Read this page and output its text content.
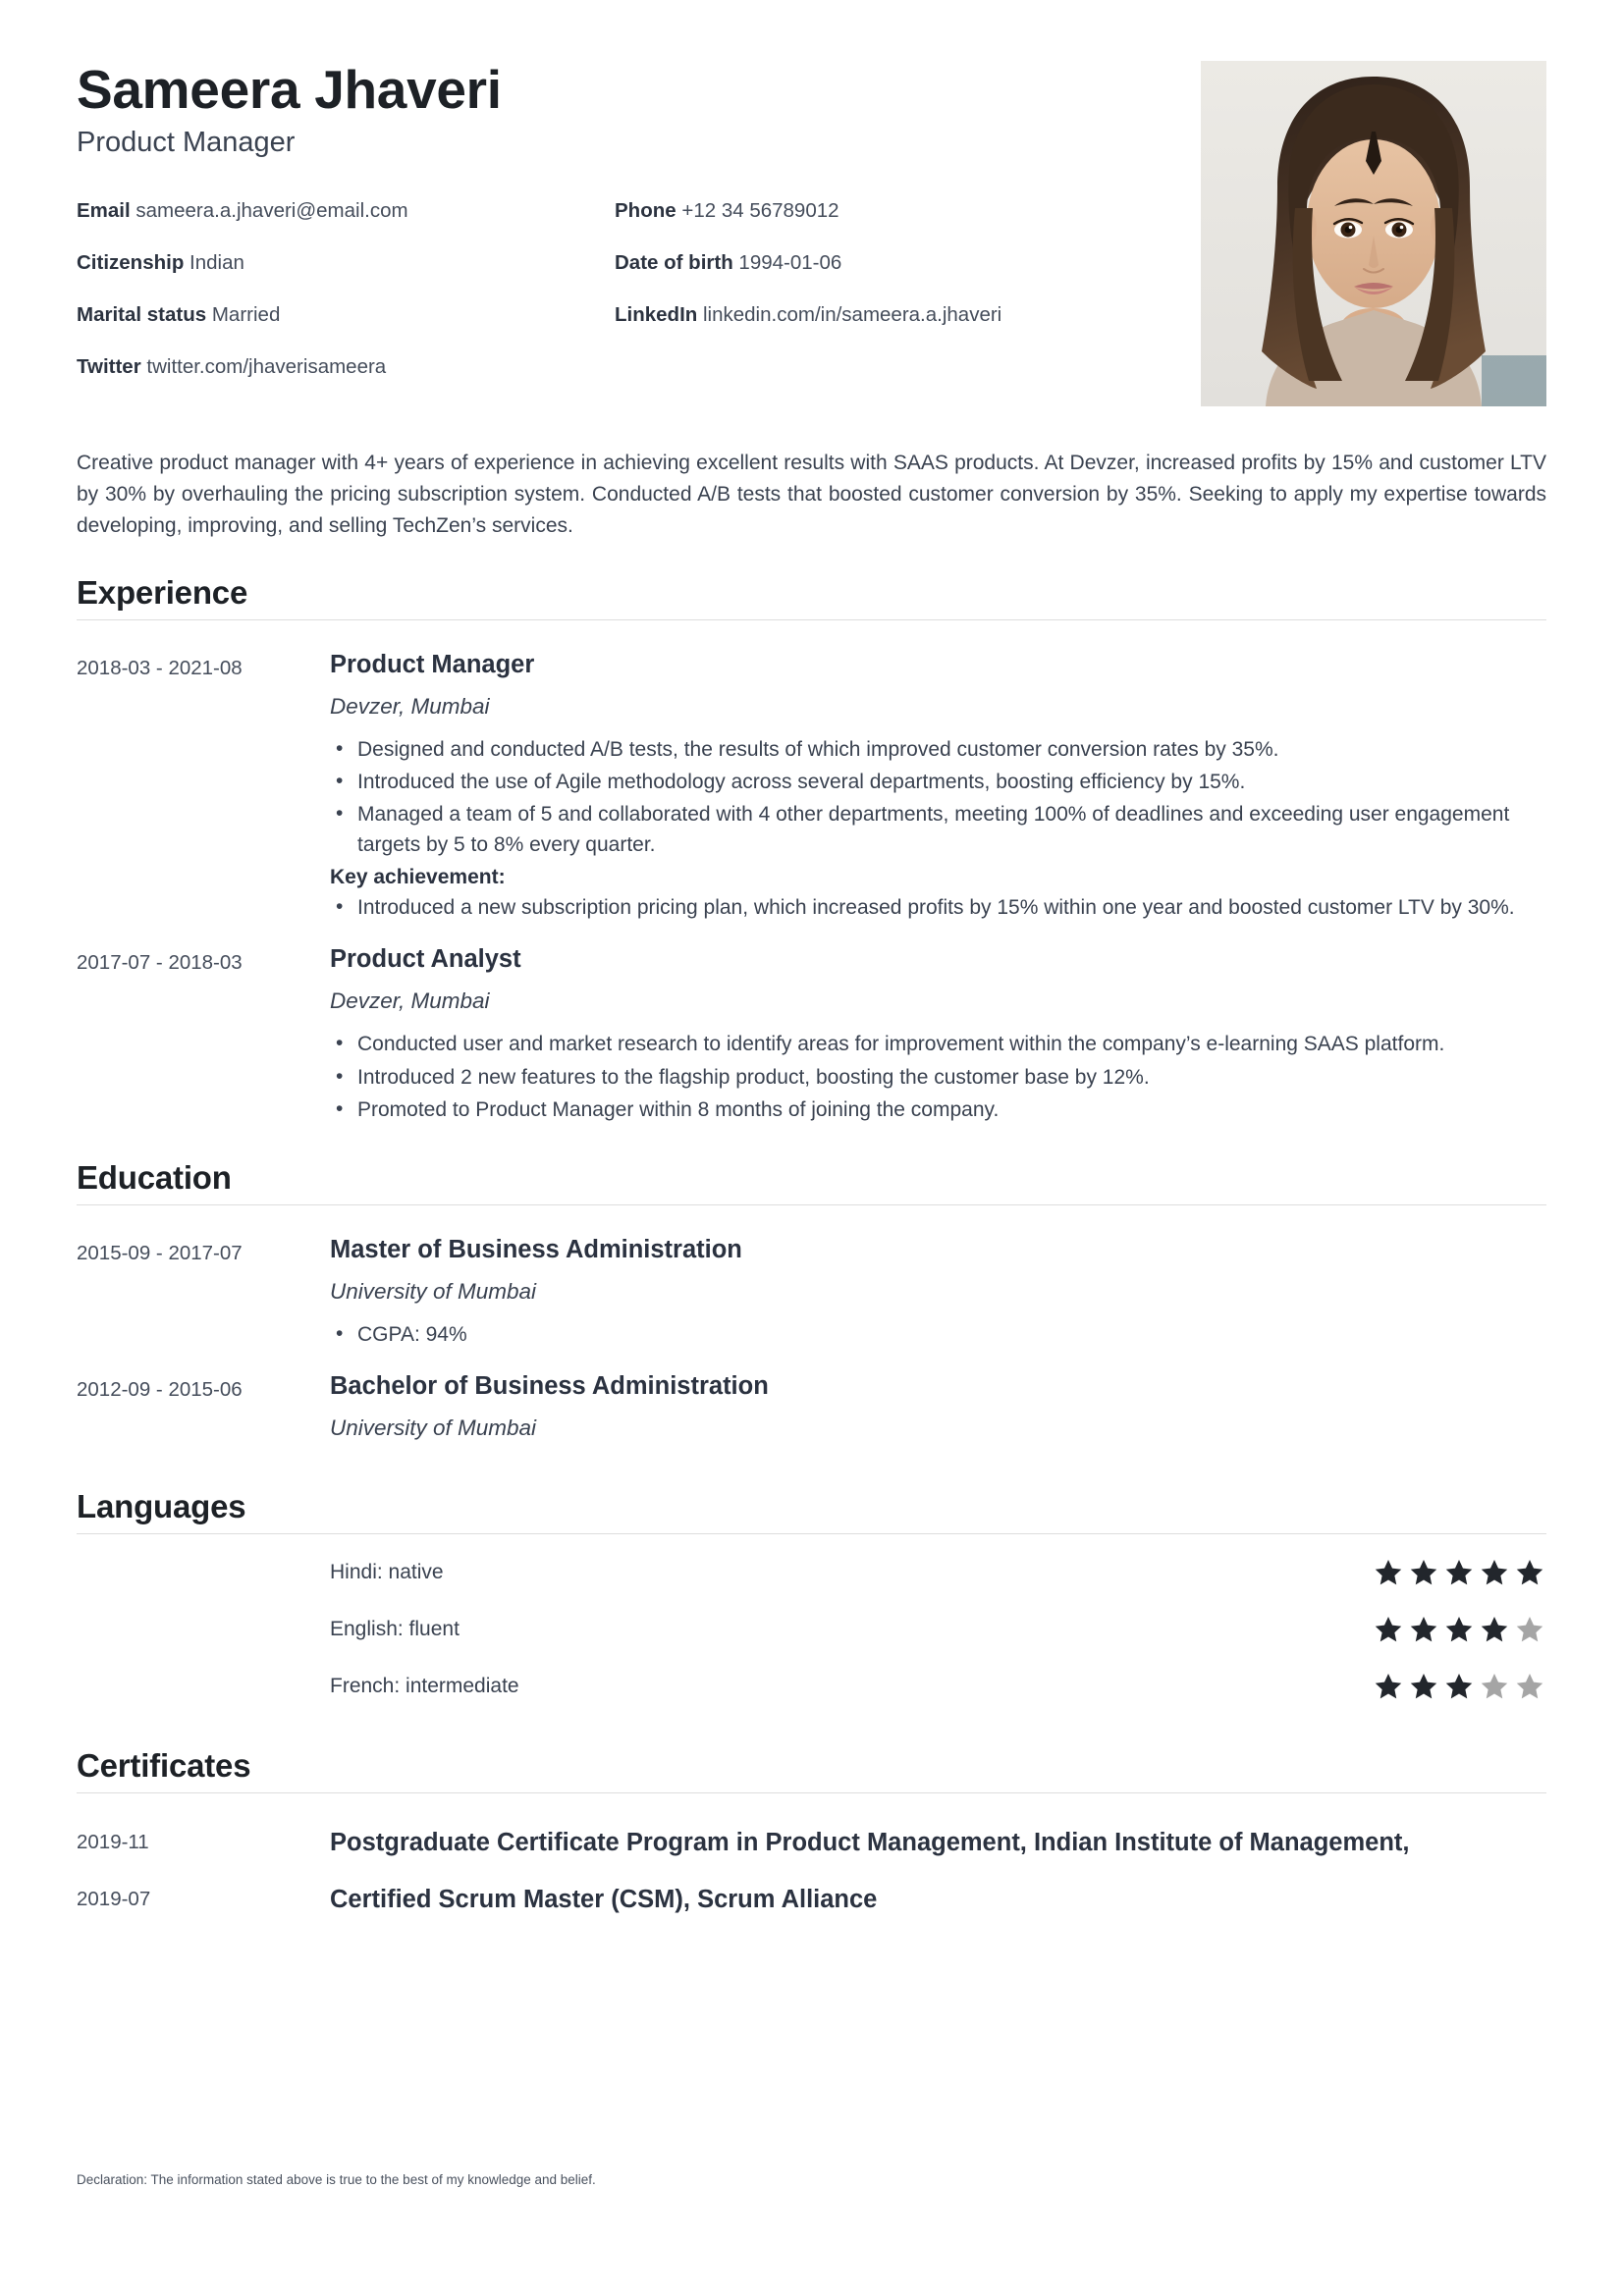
Sameera Jhaveri
Product Manager
Email sameera.a.jhaveri@email.com	Phone +12 34 56789012
Citizenship Indian	Date of birth 1994-01-06
Marital status Married	LinkedIn linkedin.com/in/sameera.a.jhaveri
Twitter twitter.com/jhaverisameera
Creative product manager with 4+ years of experience in achieving excellent results with SAAS products. At Devzer, increased profits by 15% and customer LTV by 30% by overhauling the pricing subscription system. Conducted A/B tests that boosted customer conversion by 35%. Seeking to apply my expertise towards developing, improving, and selling TechZen’s services.
Experience
2018-03 - 2021-08	Product Manager
Devzer, Mumbai
• Designed and conducted A/B tests, the results of which improved customer conversion rates by 35%.
• Introduced the use of Agile methodology across several departments, boosting efficiency by 15%.
• Managed a team of 5 and collaborated with 4 other departments, meeting 100% of deadlines and exceeding user engagement targets by 5 to 8% every quarter.
Key achievement:
• Introduced a new subscription pricing plan, which increased profits by 15% within one year and boosted customer LTV by 30%.
2017-07 - 2018-03	Product Analyst
Devzer, Mumbai
• Conducted user and market research to identify areas for improvement within the company’s e-learning SAAS platform.
• Introduced 2 new features to the flagship product, boosting the customer base by 12%.
• Promoted to Product Manager within 8 months of joining the company.
Education
2015-09 - 2017-07	Master of Business Administration
University of Mumbai
• CGPA: 94%
2012-09 - 2015-06	Bachelor of Business Administration
University of Mumbai
Languages
Hindi: native
English: fluent
French: intermediate
Certificates
2019-11	Postgraduate Certificate Program in Product Management, Indian Institute of Management,
2019-07	Certified Scrum Master (CSM), Scrum Alliance
Declaration: The information stated above is true to the best of my knowledge and belief.
